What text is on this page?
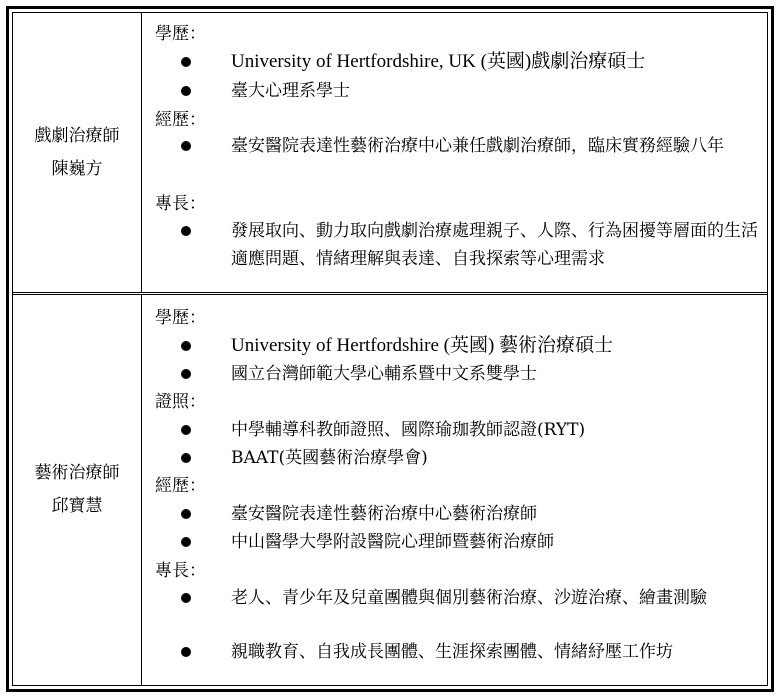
戲劇治療師
陳巍方
學歷：
University of Hertfordshire, UK (英國)戲劇治療碩士
臺大心理系學士
經歷：
臺安醫院表達性藝術治療中心兼任戲劇治療師，臨床實務經驗八年
專長：
發展取向、動力取向戲劇治療處理親子、人際、行為困擾等層面的生活適應問題、情緒理解與表達、自我探索等心理需求
藝術治療師
邱寶慧
學歷：
University of Hertfordshire (英國) 藝術治療碩士
國立台灣師範大學心輔系暨中文系雙學士
證照：
中學輔導科教師證照、國際瑜珈教師認證(RYT)
BAAT(英國藝術治療學會)
經歷：
臺安醫院表達性藝術治療中心藝術治療師
中山醫學大學附設醫院心理師暨藝術治療師
專長：
老人、青少年及兒童團體與個別藝術治療、沙遊治療、繪畫測驗
親職教育、自我成長團體、生涯探索團體、情緒紓壓工作坊
